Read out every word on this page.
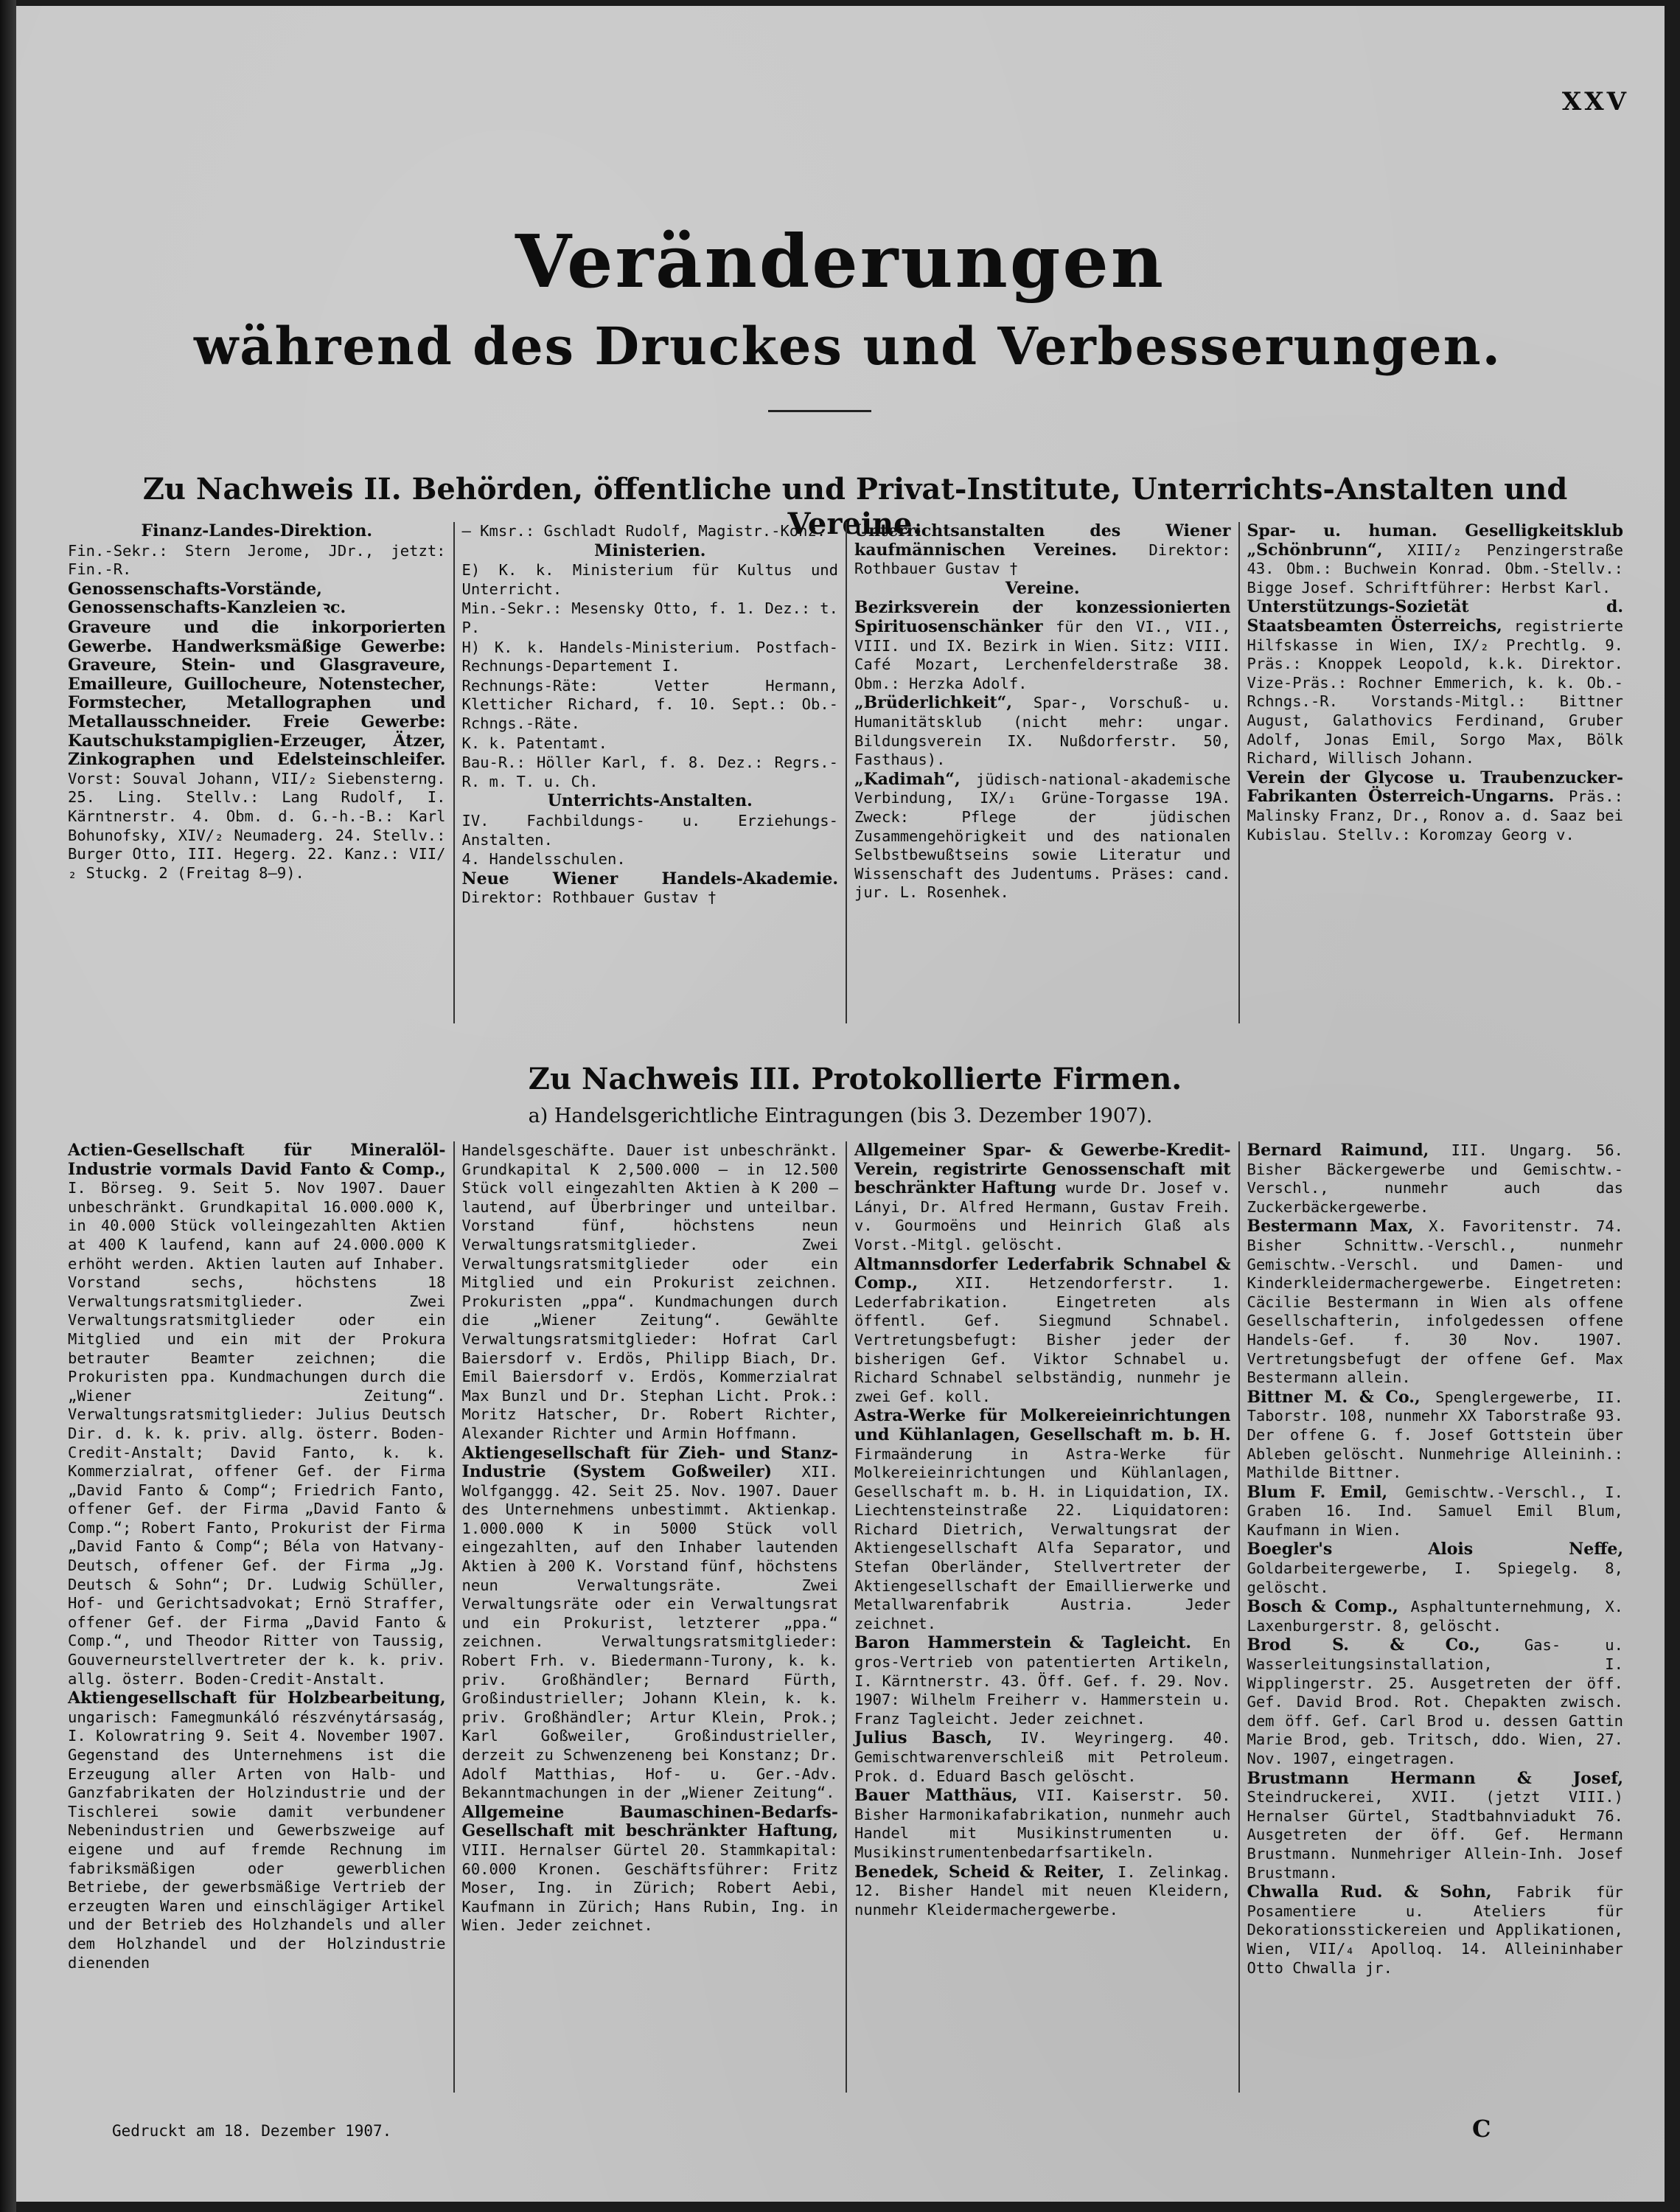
XXV
Veränderungen
während des Druckes und Verbesserungen.
Zu Nachweis II. Behörden, öffentliche und Privat-Institute, Unterrichts-Anstalten und Vereine.
Finanz-Landes-Direktion.
Fin.-Sekr.: Stern Jerome, JDr., jetzt: Fin.-R.
Genossenschafts-Vorstände, Genossenschafts-Kanzleien ꝛc.
Graveure und die inkorporierten Gewerbe. Handwerksmäßige Gewerbe: Graveure, Stein- und Glasgraveure, Emailleure, Guillocheure, Notenstecher, Formstecher, Metallographen und Metallausschneider. Freie Gewerbe: Kautschukstampiglien-Erzeuger, Ätzer, Zinkographen und Edelsteinschleifer. Vorst: Souval Johann, VII/₂ Siebensterng. 25. Ling. Stellv.: Lang Rudolf, I. Kärntnerstr. 4. Obm. d. G.-h.-B.: Karl Bohunofsky, XIV/₂ Neumaderg. 24. Stellv.: Burger Otto, III. Hegerg. 22. Kanz.: VII/₂ Stuckg. 2 (Freitag 8—9).
— Kmsr.: Gschladt Rudolf, Magistr.-Konz.
Ministerien.
E) K. k. Ministerium für Kultus und Unterricht.
Min.-Sekr.: Mesensky Otto, f. 1. Dez.: t. P.
H) K. k. Handels-Ministerium. Postfach-Rechnungs-Departement I.
Rechnungs-Räte: Vetter Hermann, Kletticher Richard, f. 10. Sept.: Ob.-Rchngs.-Räte.
K. k. Patentamt.
Bau-R.: Höller Karl, f. 8. Dez.: Regrs.-R. m. T. u. Ch.
Unterrichts-Anstalten.
IV. Fachbildungs- u. Erziehungs-Anstalten.
4. Handelsschulen.
Neue Wiener Handels-Akademie. Direktor: Rothbauer Gustav †
Unterrichtsanstalten des Wiener kaufmännischen Vereines. Direktor: Rothbauer Gustav †
Vereine.
Bezirksverein der konzessionierten Spirituosenschänker für den VI., VII., VIII. und IX. Bezirk in Wien. Sitz: VIII. Café Mozart, Lerchenfelderstraße 38. Obm.: Herzka Adolf.
„Brüderlichkeit“, Spar-, Vorschuß- u. Humanitätsklub (nicht mehr: ungar. Bildungsverein IX. Nußdorferstr. 50, Fasthaus).
„Kadimah“, jüdisch-national-akademische Verbindung, IX/₁ Grüne-Torgasse 19A. Zweck: Pflege der jüdischen Zusammengehörigkeit und des nationalen Selbstbewußtseins sowie Literatur und Wissenschaft des Judentums. Präses: cand. jur. L. Rosenhek.
Spar- u. human. Geselligkeitsklub „Schönbrunn“, XIII/₂ Penzingerstraße 43. Obm.: Buchwein Konrad. Obm.-Stellv.: Bigge Josef. Schriftführer: Herbst Karl.
Unterstützungs-Sozietät d. Staatsbeamten Österreichs, registrierte Hilfskasse in Wien, IX/₂ Prechtlg. 9. Präs.: Knoppek Leopold, k.k. Direktor. Vize-Präs.: Rochner Emmerich, k. k. Ob.-Rchngs.-R. Vorstands-Mitgl.: Bittner August, Galathovics Ferdinand, Gruber Adolf, Jonas Emil, Sorgo Max, Bölk Richard, Willisch Johann.
Verein der Glycose u. Traubenzucker-Fabrikanten Österreich-Ungarns. Präs.: Malinsky Franz, Dr., Ronov a. d. Saaz bei Kubislau. Stellv.: Koromzay Georg v.
Zu Nachweis III. Protokollierte Firmen.
a) Handelsgerichtliche Eintragungen (bis 3. Dezember 1907).
Actien-Gesellschaft für Mineralöl-Industrie vormals David Fanto & Comp., I. Börseg. 9. Seit 5. Nov 1907. Dauer unbeschränkt. Grundkapital 16.000.000 K, in 40.000 Stück volleingezahlten Aktien at 400 K laufend, kann auf 24.000.000 K erhöht werden. Aktien lauten auf Inhaber. Vorstand sechs, höchstens 18 Verwaltungsratsmitglieder. Zwei Verwaltungsratsmitglieder oder ein Mitglied und ein mit der Prokura betrauter Beamter zeichnen; die Prokuristen ppa. Kundmachungen durch die „Wiener Zeitung“. Verwaltungsratsmitglieder: Julius Deutsch Dir. d. k. k. priv. allg. österr. Boden-Credit-Anstalt; David Fanto, k. k. Kommerzialrat, offener Gef. der Firma „David Fanto & Comp“; Friedrich Fanto, offener Gef. der Firma „David Fanto & Comp.“; Robert Fanto, Prokurist der Firma „David Fanto & Comp“; Béla von Hatvany-Deutsch, offener Gef. der Firma „Jg. Deutsch & Sohn“; Dr. Ludwig Schüller, Hof- und Gerichtsadvokat; Ernö Straffer, offener Gef. der Firma „David Fanto & Comp.“, und Theodor Ritter von Taussig, Gouverneurstellvertreter der k. k. priv. allg. österr. Boden-Credit-Anstalt.
Aktiengesellschaft für Holzbearbeitung, ungarisch: Famegmunkáló részvénytársaság, I. Kolowratring 9. Seit 4. November 1907. Gegenstand des Unternehmens ist die Erzeugung aller Arten von Halb- und Ganzfabrikaten der Holzindustrie und der Tischlerei sowie damit verbundener Nebenindustrien und Gewerbszweige auf eigene und auf fremde Rechnung im fabriksmäßigen oder gewerblichen Betriebe, der gewerbsmäßige Vertrieb der erzeugten Waren und einschlägiger Artikel und der Betrieb des Holzhandels und aller dem Holzhandel und der Holzindustrie dienenden
Handelsgeschäfte. Dauer ist unbeschränkt. Grundkapital K 2,500.000 — in 12.500 Stück voll eingezahlten Aktien à K 200 — lautend, auf Überbringer und unteilbar. Vorstand fünf, höchstens neun Verwaltungsratsmitglieder. Zwei Verwaltungsratsmitglieder oder ein Mitglied und ein Prokurist zeichnen. Prokuristen „ppa“. Kundmachungen durch die „Wiener Zeitung“. Gewählte Verwaltungsratsmitglieder: Hofrat Carl Baiersdorf v. Erdös, Philipp Biach, Dr. Emil Baiersdorf v. Erdös, Kommerzialrat Max Bunzl und Dr. Stephan Licht. Prok.: Moritz Hatscher, Dr. Robert Richter, Alexander Richter und Armin Hoffmann.
Aktiengesellschaft für Zieh- und Stanz-Industrie (System Goßweiler) XII. Wolfganggg. 42. Seit 25. Nov. 1907. Dauer des Unternehmens unbestimmt. Aktienkap. 1.000.000 K in 5000 Stück voll eingezahlten, auf den Inhaber lautenden Aktien à 200 K. Vorstand fünf, höchstens neun Verwaltungsräte. Zwei Verwaltungsräte oder ein Verwaltungsrat und ein Prokurist, letzterer „ppa.“ zeichnen. Verwaltungsratsmitglieder: Robert Frh. v. Biedermann-Turony, k. k. priv. Großhändler; Bernard Fürth, Großindustrieller; Johann Klein, k. k. priv. Großhändler; Artur Klein, Prok.; Karl Goßweiler, Großindustrieller, derzeit zu Schwenzeneng bei Konstanz; Dr. Adolf Matthias, Hof- u. Ger.-Adv. Bekanntmachungen in der „Wiener Zeitung“.
Allgemeine Baumaschinen-Bedarfs-Gesellschaft mit beschränkter Haftung, VIII. Hernalser Gürtel 20. Stammkapital: 60.000 Kronen. Geschäftsführer: Fritz Moser, Ing. in Zürich; Robert Aebi, Kaufmann in Zürich; Hans Rubin, Ing. in Wien. Jeder zeichnet.
Allgemeiner Spar- & Gewerbe-Kredit-Verein, registrirte Genossenschaft mit beschränkter Haftung wurde Dr. Josef v. Lányi, Dr. Alfred Hermann, Gustav Freih. v. Gourmoëns und Heinrich Glaß als Vorst.-Mitgl. gelöscht.
Altmannsdorfer Lederfabrik Schnabel & Comp., XII. Hetzendorferstr. 1. Lederfabrikation. Eingetreten als öffentl. Gef. Siegmund Schnabel. Vertretungsbefugt: Bisher jeder der bisherigen Gef. Viktor Schnabel u. Richard Schnabel selbständig, nunmehr je zwei Gef. koll.
Astra-Werke für Molkereieinrichtungen und Kühlanlagen, Gesellschaft m. b. H. Firmaänderung in Astra-Werke für Molkereieinrichtungen und Kühlanlagen, Gesellschaft m. b. H. in Liquidation, IX. Liechtensteinstraße 22. Liquidatoren: Richard Dietrich, Verwaltungsrat der Aktiengesellschaft Alfa Separator, und Stefan Oberländer, Stellvertreter der Aktiengesellschaft der Emaillierwerke und Metallwarenfabrik Austria. Jeder zeichnet.
Baron Hammerstein & Tagleicht. En gros-Vertrieb von patentierten Artikeln, I. Kärntnerstr. 43. Öff. Gef. f. 29. Nov. 1907: Wilhelm Freiherr v. Hammerstein u. Franz Tagleicht. Jeder zeichnet.
Julius Basch, IV. Weyringerg. 40. Gemischtwarenverschleiß mit Petroleum. Prok. d. Eduard Basch gelöscht.
Bauer Matthäus, VII. Kaiserstr. 50. Bisher Harmonikafabrikation, nunmehr auch Handel mit Musikinstrumenten u. Musikinstrumentenbedarfsartikeln.
Benedek, Scheid & Reiter, I. Zelinkag. 12. Bisher Handel mit neuen Kleidern, nunmehr Kleidermachergewerbe.
Bernard Raimund, III. Ungarg. 56. Bisher Bäckergewerbe und Gemischtw.-Verschl., nunmehr auch das Zuckerbäckergewerbe.
Bestermann Max, X. Favoritenstr. 74. Bisher Schnittw.-Verschl., nunmehr Gemischtw.-Verschl. und Damen- und Kinderkleidermachergewerbe. Eingetreten: Cäcilie Bestermann in Wien als offene Gesellschafterin, infolgedessen offene Handels-Gef. f. 30 Nov. 1907. Vertretungsbefugt der offene Gef. Max Bestermann allein.
Bittner M. & Co., Spenglergewerbe, II. Taborstr. 108, nunmehr XX Taborstraße 93. Der offene G. f. Josef Gottstein über Ableben gelöscht. Nunmehrige Alleininh.: Mathilde Bittner.
Blum F. Emil, Gemischtw.-Verschl., I. Graben 16. Ind. Samuel Emil Blum, Kaufmann in Wien.
Boegler's Alois Neffe, Goldarbeitergewerbe, I. Spiegelg. 8, gelöscht.
Bosch & Comp., Asphaltunternehmung, X. Laxenburgerstr. 8, gelöscht.
Brod S. & Co.,	Gas- u. Wasserleitungsinstallation, I. Wipplingerstr. 25. Ausgetreten der öff. Gef. David Brod. Rot. Chepakten zwisch. dem öff. Gef. Carl Brod u. dessen Gattin Marie Brod, geb. Tritsch, ddo. Wien, 27. Nov. 1907, eingetragen.
Brustmann Hermann & Josef, Steindruckerei, XVII. (jetzt VIII.) Hernalser Gürtel, Stadtbahnviadukt 76. Ausgetreten der öff. Gef. Hermann Brustmann. Nunmehriger Allein-Inh. Josef Brustmann.
Chwalla Rud. & Sohn, Fabrik für Posamentiere u. Ateliers für Dekorationsstickereien und Applikationen, Wien, VII/₄ Apolloq. 14. Alleininhaber Otto Chwalla jr.
Gedruckt am 18. Dezember 1907.	C
